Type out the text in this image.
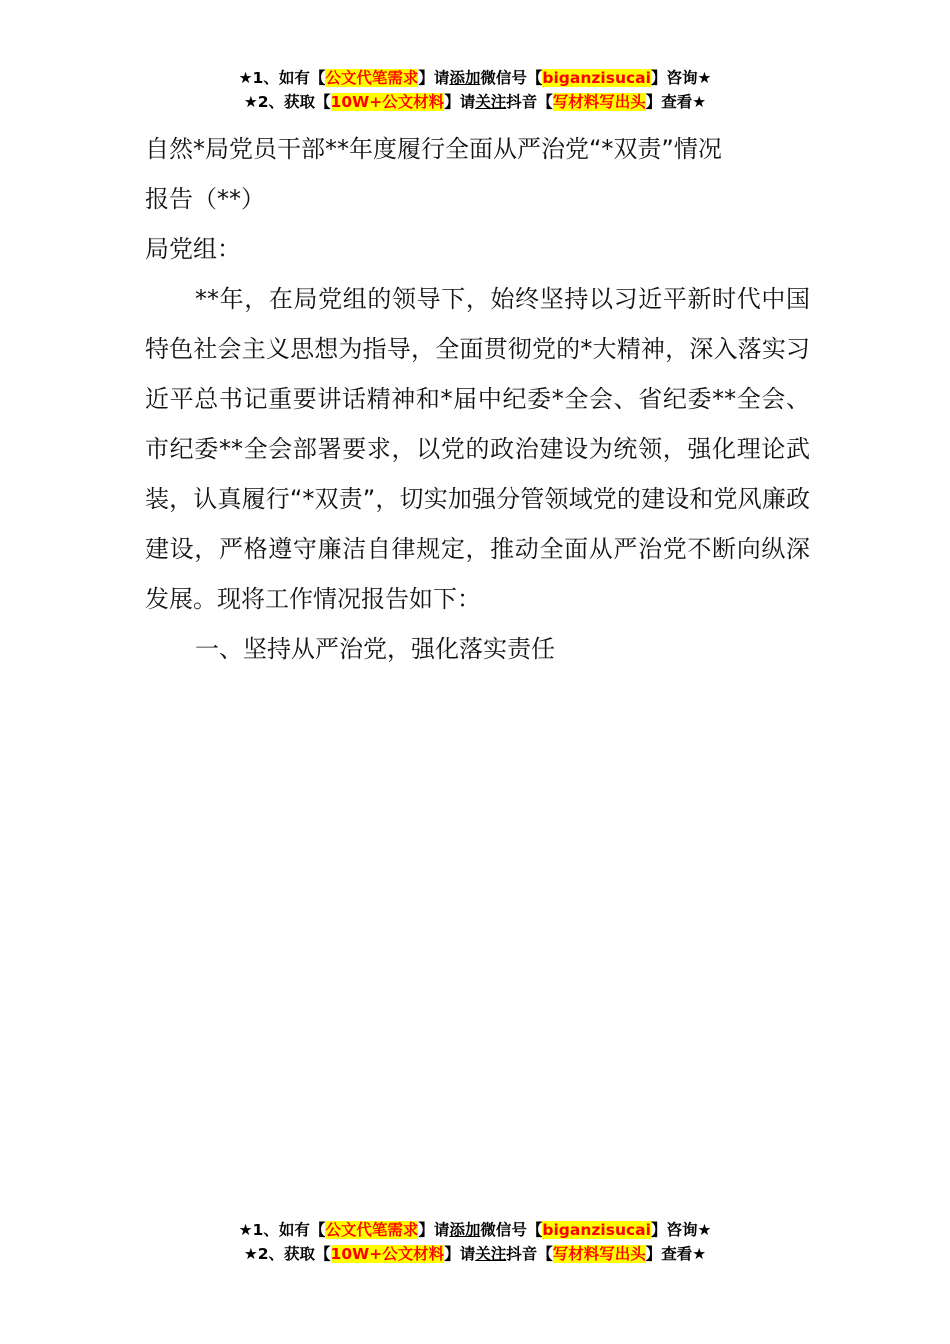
★1、如有【公文代笔需求】请添加微信号【biganzisucai】咨询★
★2、获取【10W+公文材料】请关注抖音【写材料写出头】查看★

自然*局党员干部**年度履行全面从严治党“*双责”情况

报告（**）

局党组：

**年，在局党组的领导下，始终坚持以习近平新时代中国特色社会主义思想为指导，全面贯彻党的*大精神，深入落实习近平总书记重要讲话精神和*届中纪委*全会、省纪委**全会、市纪委**全会部署要求，以党的政治建设为统领，强化理论武装，认真履行“*双责”，切实加强分管领域党的建设和党风廉政建设，严格遵守廉洁自律规定，推动全面从严治党不断向纵深发展。现将工作情况报告如下：

一、坚持从严治党，强化落实责任

★1、如有【公文代笔需求】请添加微信号【biganzisucai】咨询★
★2、获取【10W+公文材料】请关注抖音【写材料写出头】查看★
